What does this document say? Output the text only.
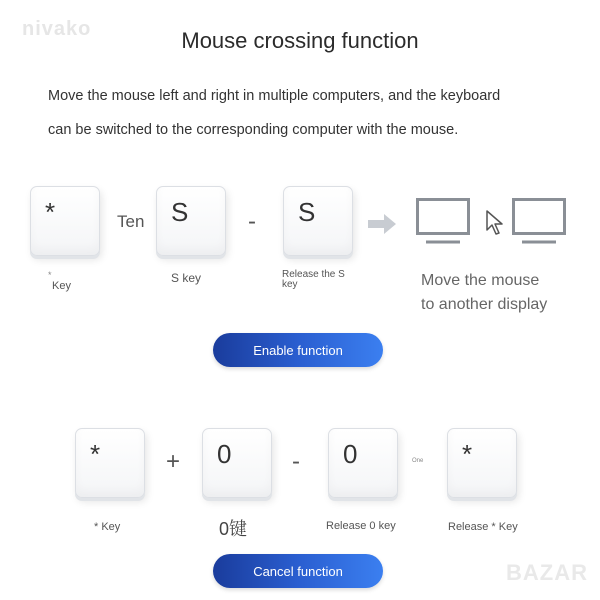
nivako	Mouse crossing function
Move the mouse left and right in multiple computers, and the keyboard
can be switched to the corresponding computer with the mouse.
*	Ten S - S
*
Key
S key	Release the S
key	Move the mouse
to another display
Enable function
*	+ 0	- 0	One *
* Key	0键	Release 0 key	Release * Key
Cancel function	BAZAR
